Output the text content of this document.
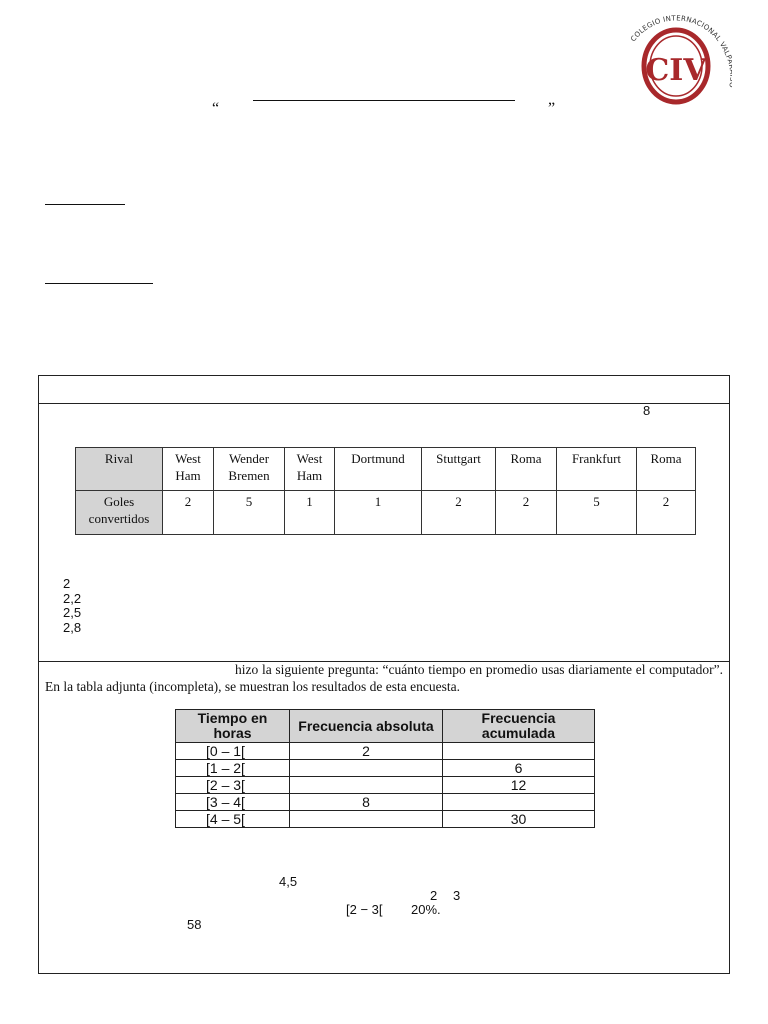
“	”
CIV
COLEGIO INTERNACIONAL VAL
8
Rival	West Ham	Wender Bremen	West Ham	Dortmund	Stuttgart	Roma	Frankfurt	Roma
Goles convertidos	2	5	1	1	2	2	5	2
2
2,2
2,5
2,8
hizo la siguiente pregunta: “cuánto tiempo en promedio usas diariamente el computador”. En la tabla adjunta (incompleta), se muestran los resultados de esta encuesta.
Tiempo en horas	Frecuencia absoluta	Frecuencia acumulada
[0 – 1[	2	
[1 – 2[		6
[2 – 3[		12
[3 – 4[	8	
[4 – 5[		30
4,5
2 3
[2 − 3[ 20%.
58
